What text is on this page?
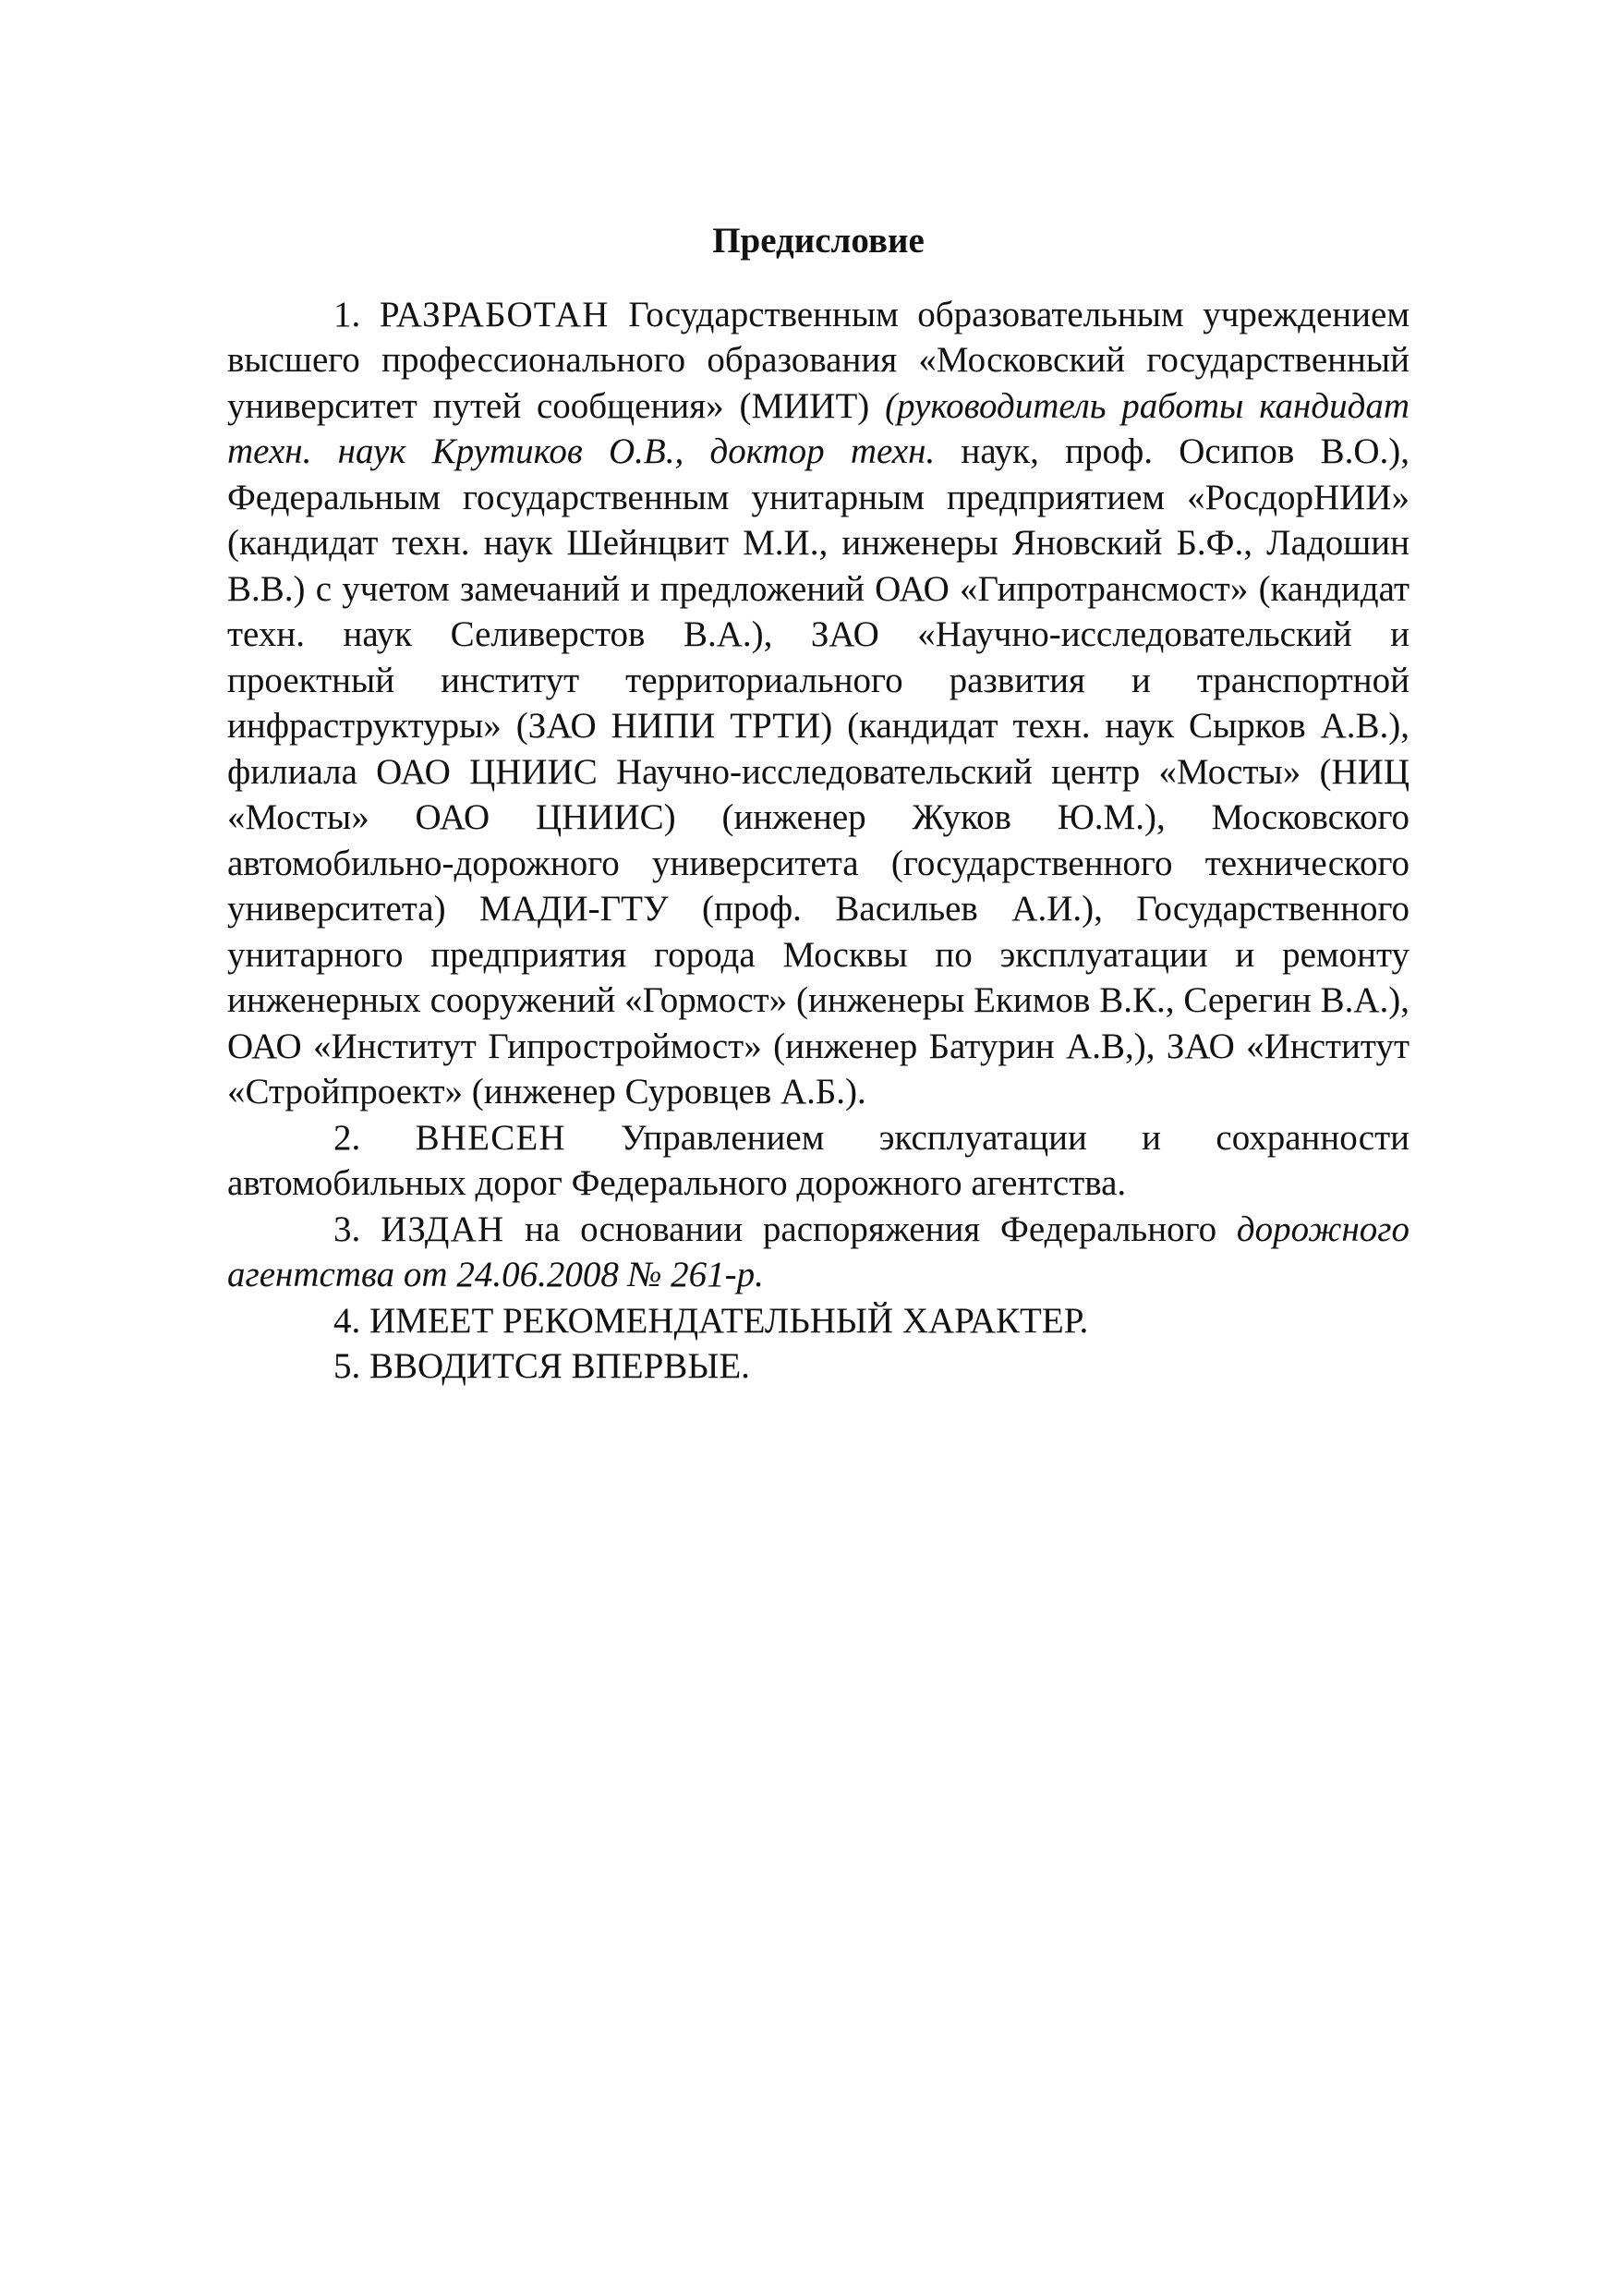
Предисловие

1. РАЗРАБОТАН Государственным образовательным учреждением высшего профессионального образования «Московский государственный университет путей сообщения» (МИИТ) (руководитель работы кандидат техн. наук Крутиков О.В., доктор техн. наук, проф. Осипов В.О.), Федеральным государственным унитарным предприятием «РосдорНИИ» (кандидат техн. наук Шейнцвит М.И., инженеры Яновский Б.Ф., Ладошин В.В.) с учетом замечаний и предложений ОАО «Гипротрансмост» (кандидат техн. наук Селиверстов В.А.), ЗАО «Научно-исследовательский и проектный институт территориального развития и транспортной инфраструктуры» (ЗАО НИПИ ТРТИ) (кандидат техн. наук Сырков А.В.), филиала ОАО ЦНИИС Научно-исследовательский центр «Мосты» (НИЦ «Мосты» ОАО ЦНИИС) (инженер Жуков Ю.М.), Московского автомобильно-дорожного университета (государственного технического университета) МАДИ-ГТУ (проф. Васильев А.И.), Государственного унитарного предприятия города Москвы по эксплуатации и ремонту инженерных сооружений «Гормост» (инженеры Екимов В.К., Серегин В.А.), ОАО «Институт Гипростроймост» (инженер Батурин А.В,), ЗАО «Институт «Стройпроект» (инженер Суровцев А.Б.).

2. ВНЕСЕН Управлением эксплуатации и сохранности автомобильных дорог Федерального дорожного агентства.

3. ИЗДАН на основании распоряжения Федерального дорожного агентства от 24.06.2008 № 261-р.

4. ИМЕЕТ РЕКОМЕНДАТЕЛЬНЫЙ ХАРАКТЕР.

5. ВВОДИТСЯ ВПЕРВЫЕ.
